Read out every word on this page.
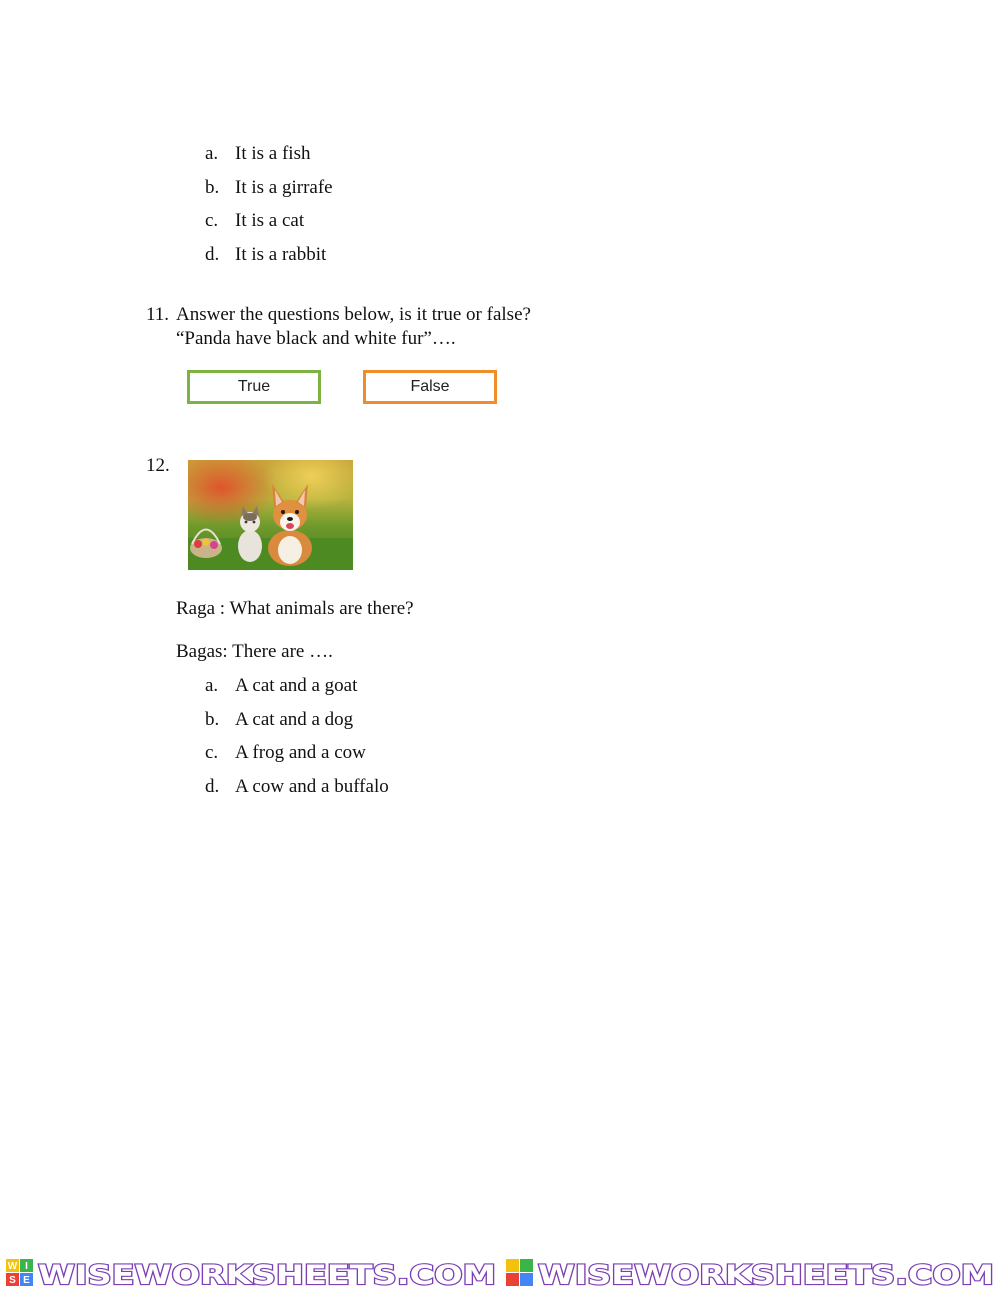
a. It is a fish
b. It is a girrafe
c. It is a cat
d. It is a rabbit
11. Answer the questions below, is it true or false?
“Panda have black and white fur”….
True	False
12.
Raga : What animals are there?
Bagas: There are ….
a. A cat and a goat
b. A cat and a dog
c. A frog and a cow
d. A cow and a buffalo
W I
S E WISEWORKSHEETS.COM WISEWORKSHEETS.COM
